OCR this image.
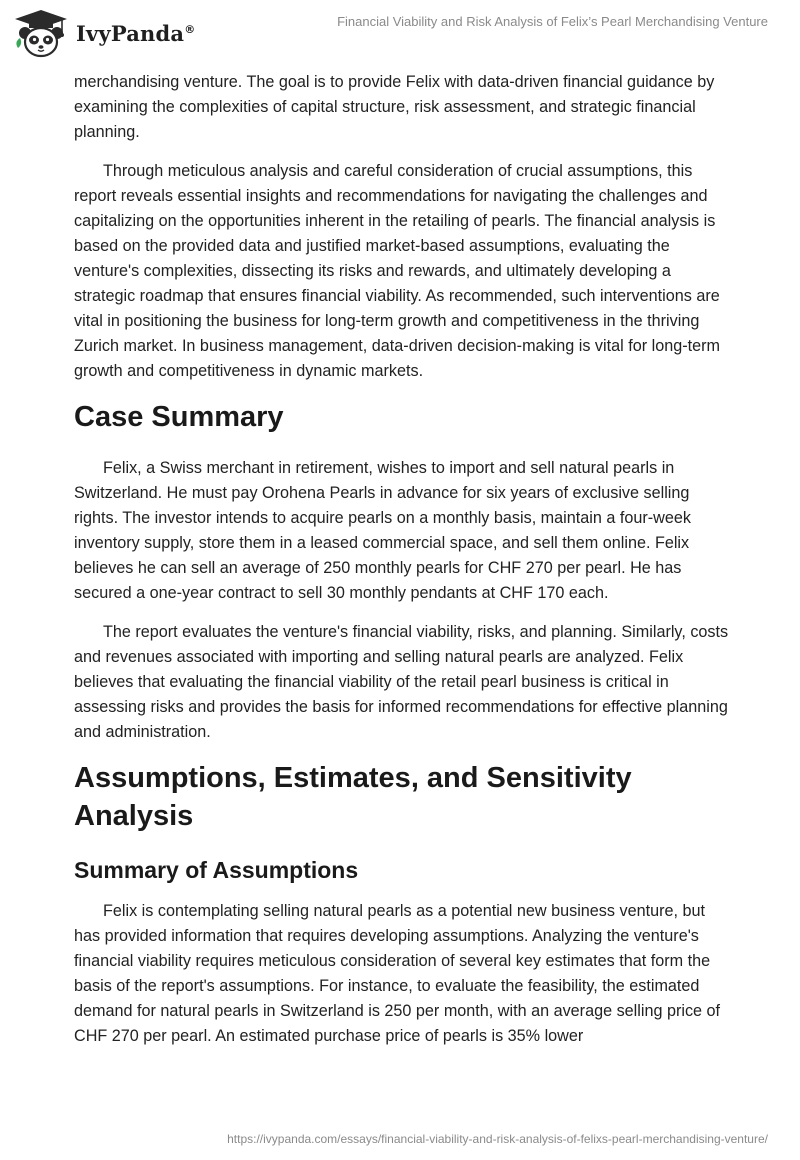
IvyPanda®	Financial Viability and Risk Analysis of Felix’s Pearl Merchandising Venture

merchandising venture. The goal is to provide Felix with data-driven financial guidance by examining the complexities of capital structure, risk assessment, and strategic financial planning.

Through meticulous analysis and careful consideration of crucial assumptions, this report reveals essential insights and recommendations for navigating the challenges and capitalizing on the opportunities inherent in the retailing of pearls. The financial analysis is based on the provided data and justified market-based assumptions, evaluating the venture's complexities, dissecting its risks and rewards, and ultimately developing a strategic roadmap that ensures financial viability. As recommended, such interventions are vital in positioning the business for long-term growth and competitiveness in the thriving Zurich market. In business management, data-driven decision-making is vital for long-term growth and competitiveness in dynamic markets.

Case Summary

Felix, a Swiss merchant in retirement, wishes to import and sell natural pearls in Switzerland. He must pay Orohena Pearls in advance for six years of exclusive selling rights. The investor intends to acquire pearls on a monthly basis, maintain a four-week inventory supply, store them in a leased commercial space, and sell them online. Felix believes he can sell an average of 250 monthly pearls for CHF 270 per pearl. He has secured a one-year contract to sell 30 monthly pendants at CHF 170 each.

The report evaluates the venture's financial viability, risks, and planning. Similarly, costs and revenues associated with importing and selling natural pearls are analyzed. Felix believes that evaluating the financial viability of the retail pearl business is critical in assessing risks and provides the basis for informed recommendations for effective planning and administration.

Assumptions, Estimates, and Sensitivity Analysis
Summary of Assumptions

Felix is contemplating selling natural pearls as a potential new business venture, but has provided information that requires developing assumptions. Analyzing the venture's financial viability requires meticulous consideration of several key estimates that form the basis of the report's assumptions. For instance, to evaluate the feasibility, the estimated demand for natural pearls in Switzerland is 250 per month, with an average selling price of CHF 270 per pearl. An estimated purchase price of pearls is 35% lower

https://ivypanda.com/essays/financial-viability-and-risk-analysis-of-felixs-pearl-merchandising-venture/
